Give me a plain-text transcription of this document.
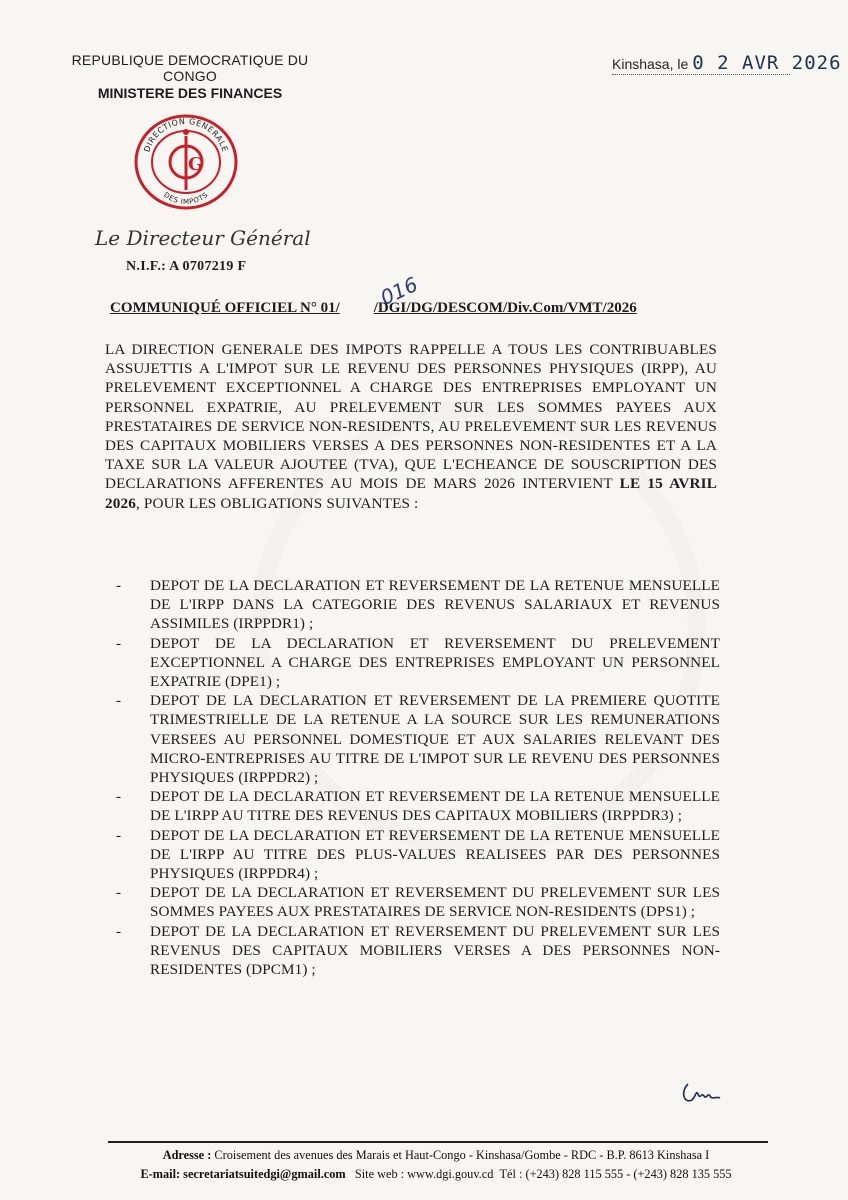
REPUBLIQUE DEMOCRATIQUE DU CONGO
MINISTERE DES FINANCES
Kinshasa, le 0 2 AVR 2026
DIRECTION GENERALE
DES IMPOTS
G
Le Directeur Général
N.I.F.: A 0707219 F
COMMUNIQUÉ OFFICIEL N° 01/ /DGI/DG/DESCOM/Div.Com/VMT/2026
016
LA DIRECTION GENERALE DES IMPOTS RAPPELLE A TOUS LES CONTRIBUABLES ASSUJETTIS A L'IMPOT SUR LE REVENU DES PERSONNES PHYSIQUES (IRPP), AU PRELEVEMENT EXCEPTIONNEL A CHARGE DES ENTREPRISES EMPLOYANT UN PERSONNEL EXPATRIE, AU PRELEVEMENT SUR LES SOMMES PAYEES AUX PRESTATAIRES DE SERVICE NON-RESIDENTS, AU PRELEVEMENT SUR LES REVENUS DES CAPITAUX MOBILIERS VERSES A DES PERSONNES NON-RESIDENTES ET A LA TAXE SUR LA VALEUR AJOUTEE (TVA), QUE L'ECHEANCE DE SOUSCRIPTION DES DECLARATIONS AFFERENTES AU MOIS DE MARS 2026 INTERVIENT LE 15 AVRIL 2026, POUR LES OBLIGATIONS SUIVANTES :
- DEPOT DE LA DECLARATION ET REVERSEMENT DE LA RETENUE MENSUELLE DE L'IRPP DANS LA CATEGORIE DES REVENUS SALARIAUX ET REVENUS ASSIMILES (IRPPDR1) ;
- DEPOT DE LA DECLARATION ET REVERSEMENT DU PRELEVEMENT EXCEPTIONNEL A CHARGE DES ENTREPRISES EMPLOYANT UN PERSONNEL EXPATRIE (DPE1) ;
- DEPOT DE LA DECLARATION ET REVERSEMENT DE LA PREMIERE QUOTITE TRIMESTRIELLE DE LA RETENUE A LA SOURCE SUR LES REMUNERATIONS VERSEES AU PERSONNEL DOMESTIQUE ET AUX SALARIES RELEVANT DES MICRO-ENTREPRISES AU TITRE DE L'IMPOT SUR LE REVENU DES PERSONNES PHYSIQUES (IRPPDR2) ;
- DEPOT DE LA DECLARATION ET REVERSEMENT DE LA RETENUE MENSUELLE DE L'IRPP AU TITRE DES REVENUS DES CAPITAUX MOBILIERS (IRPPDR3) ;
- DEPOT DE LA DECLARATION ET REVERSEMENT DE LA RETENUE MENSUELLE DE L'IRPP AU TITRE DES PLUS-VALUES REALISEES PAR DES PERSONNES PHYSIQUES (IRPPDR4) ;
- DEPOT DE LA DECLARATION ET REVERSEMENT DU PRELEVEMENT SUR LES SOMMES PAYEES AUX PRESTATAIRES DE SERVICE NON-RESIDENTS (DPS1) ;
- DEPOT DE LA DECLARATION ET REVERSEMENT DU PRELEVEMENT SUR LES REVENUS DES CAPITAUX MOBILIERS VERSES A DES PERSONNES NON-RESIDENTES (DPCM1) ;
Adresse : Croisement des avenues des Marais et Haut-Congo - Kinshasa/Gombe - RDC - B.P. 8613 Kinshasa I
E-mail: secretariatsuitedgi@gmail.com Site web : www.dgi.gouv.cd Tél : (+243) 828 115 555 - (+243) 828 135 555
